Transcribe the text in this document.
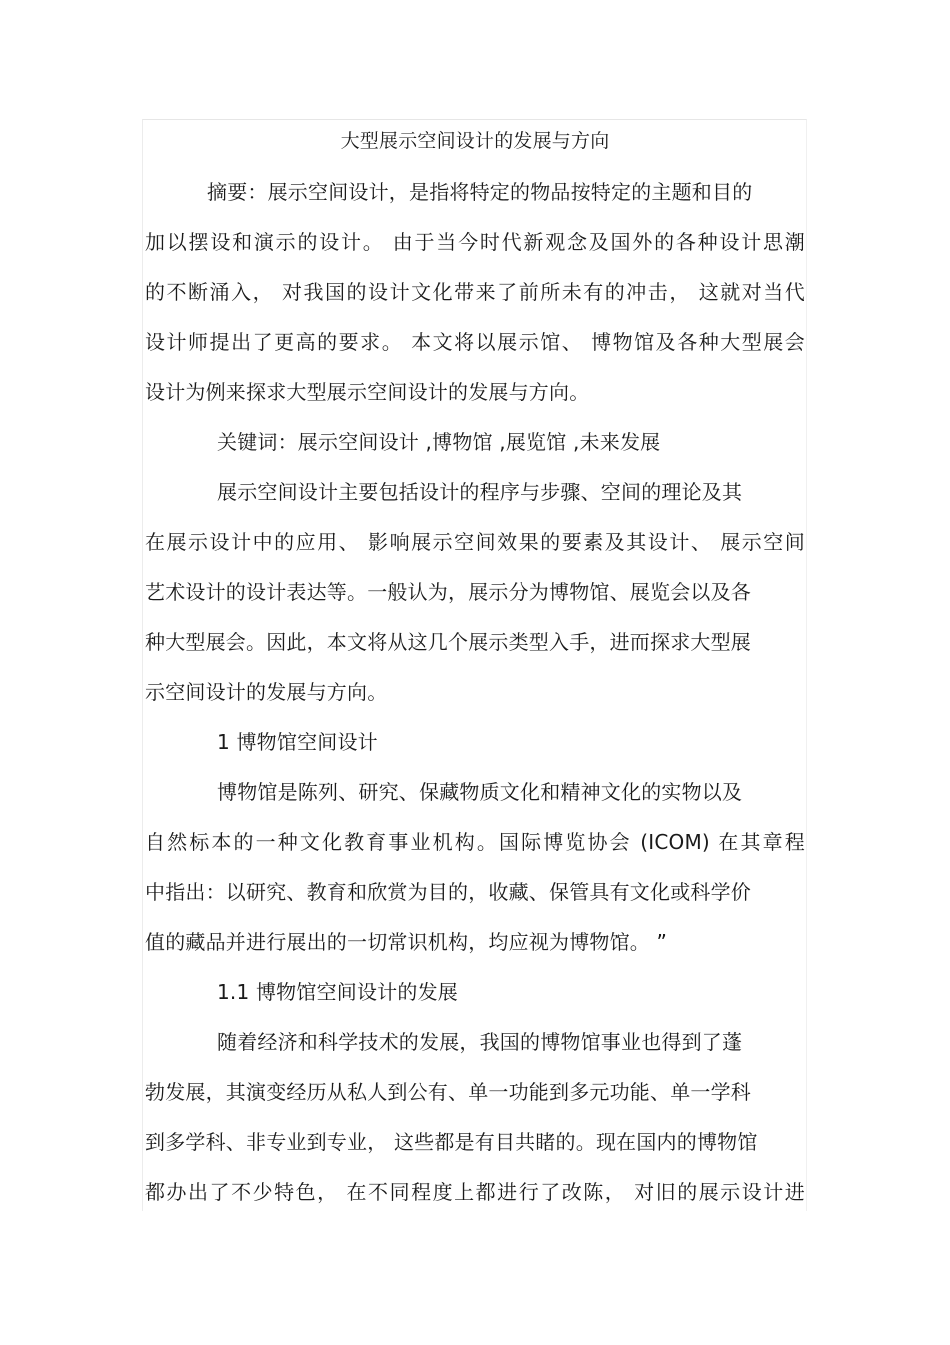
大型展示空间设计的发展与方向
摘要：展示空间设计，是指将特定的物品按特定的主题和目的
加以摆设和演示的设计。 由于当今时代新观念及国外的各种设计思潮
的不断涌入， 对我国的设计文化带来了前所未有的冲击， 这就对当代
设计师提出了更高的要求。 本文将以展示馆、 博物馆及各种大型展会
设计为例来探求大型展示空间设计的发展与方向。
关键词：展示空间设计 ,博物馆 ,展览馆 ,未来发展
展示空间设计主要包括设计的程序与步骤、空间的理论及其
在展示设计中的应用、 影响展示空间效果的要素及其设计、 展示空间
艺术设计的设计表达等。一般认为，展示分为博物馆、展览会以及各
种大型展会。因此，本文将从这几个展示类型入手，进而探求大型展
示空间设计的发展与方向。
1 博物馆空间设计
博物馆是陈列、研究、保藏物质文化和精神文化的实物以及
自然标本的一种文化教育事业机构。国际博览协会 (ICOM) 在其章程
中指出：以研究、教育和欣赏为目的，收藏、保管具有文化或科学价
值的藏品并进行展出的一切常识机构，均应视为博物馆。 ”
1.1 博物馆空间设计的发展
随着经济和科学技术的发展，我国的博物馆事业也得到了蓬
勃发展，其演变经历从私人到公有、单一功能到多元功能、单一学科
到多学科、非专业到专业， 这些都是有目共睹的。现在国内的博物馆
都办出了不少特色， 在不同程度上都进行了改陈， 对旧的展示设计进
